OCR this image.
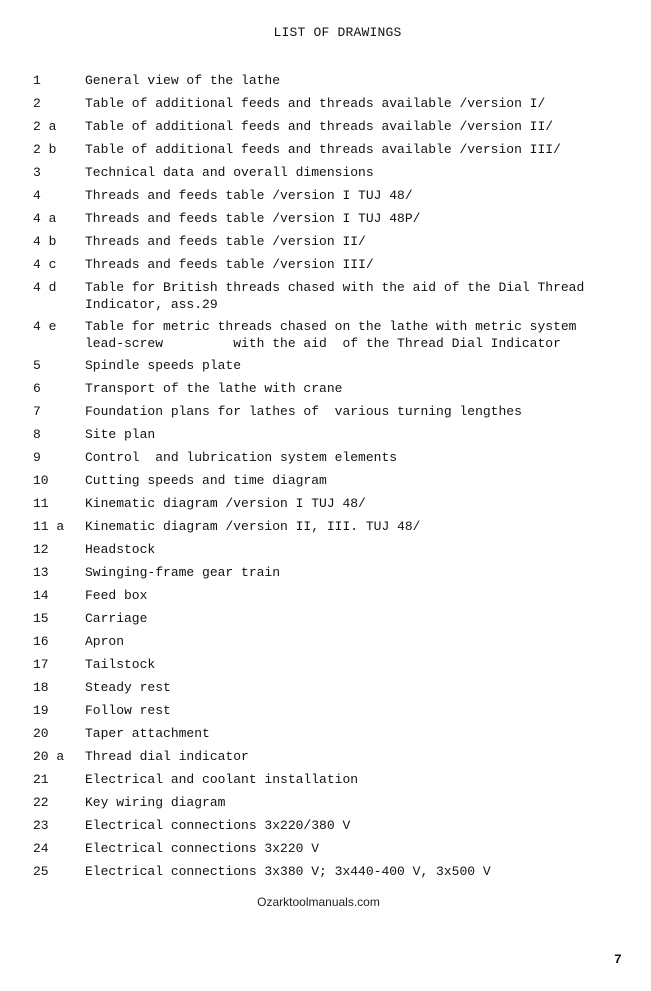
LIST OF DRAWINGS
1	General view of the lathe
2	Table of additional feeds and threads available /version I/
2 a	Table of additional feeds and threads available /version II/
2 b	Table of additional feeds and threads available /version III/
3	Technical data and overall dimensions
4	Threads and feeds table /version I TUJ 48/
4 a	Threads and feeds table /version I TUJ 48P/
4 b	Threads and feeds table /version II/
4 c	Threads and feeds table /version III/
4 d	Table for British threads chased with the aid of the Dial Thread
Indicator, ass.29
4 e	Table for metric threads chased on the lathe with metric system
lead-screw         with the aid  of the Thread Dial Indicator
5	Spindle speeds plate
6	Transport of the lathe with crane
7	Foundation plans for lathes of  various turning lengthes
8	Site plan
9	Control  and lubrication system elements
10	Cutting speeds and time diagram
11	Kinematic diagram /version I TUJ 48/
11 a	Kinematic diagram /version II, III. TUJ 48/
12	Headstock
13	Swinging-frame gear train
14	Feed box
15	Carriage
16	Apron
17	Tailstock
18	Steady rest
19	Follow rest
20	Taper attachment
20 a	Thread dial indicator
21	Electrical and coolant installation
22	Key wiring diagram
23	Electrical connections 3x220/380 V
24	Electrical connections 3x220 V
25	Electrical connections 3x380 V; 3x440-400 V, 3x500 V
Ozarktoolmanuals.com
7
